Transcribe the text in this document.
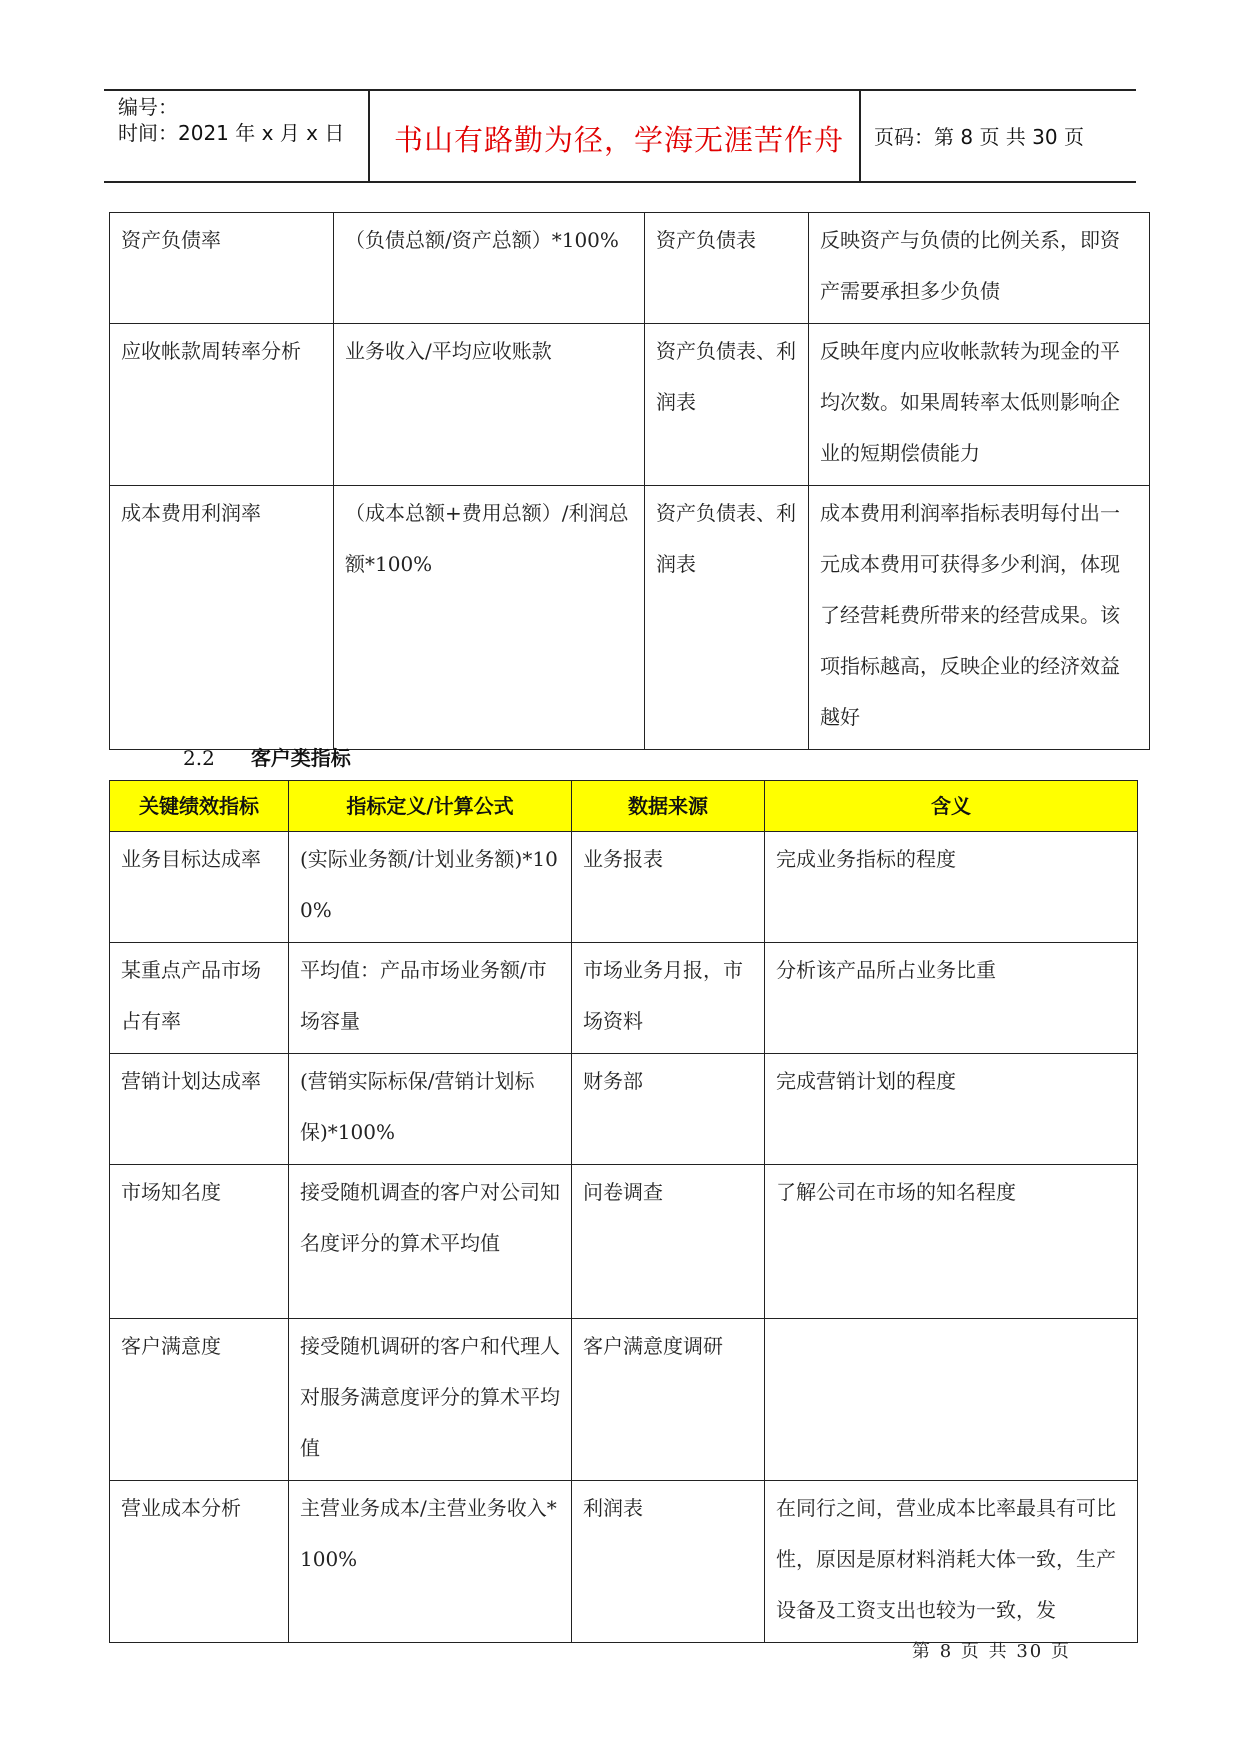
编号：
时间：2021 年 x 月 x 日 书山有路勤为径，学海无涯苦作舟 页码：第 8 页 共 30 页
资产负债率	（负债总额/资产总额）*100%	资产负债表	反映资产与负债的比例关系，即资产需要承担多少负债

应收帐款周转率分析	业务收入/平均应收账款	资产负债表、利润表	反映年度内应收帐款转为现金的平均次数。如果周转率太低则影响企业的短期偿债能力

成本费用利润率	（成本总额+费用总额）/利润总额*100%	资产负债表、利润表	成本费用利润率指标表明每付出一元成本费用可获得多少利润，体现了经营耗费所带来的经营成果。该项指标越高，反映企业的经济效益越好
2.2 客户类指标
关键绩效指标	指标定义/计算公式	数据来源	含义

业务目标达成率	(实际业务额/计划业务额)*100%	业务报表	完成业务指标的程度

某重点产品市场占有率	平均值：产品市场业务额/市场容量	市场业务月报，市场资料	分析该产品所占业务比重

营销计划达成率	(营销实际标保/营销计划标保)*100%	财务部	完成营销计划的程度

市场知名度	接受随机调查的客户对公司知名度评分的算术平均值	问卷调查	了解公司在市场的知名程度

客户满意度	接受随机调研的客户和代理人对服务满意度评分的算术平均值	客户满意度调研	

营业成本分析	主营业务成本/主营业务收入*100%	利润表	在同行之间，营业成本比率最具有可比性，原因是原材料消耗大体一致，生产设备及工资支出也较为一致，发
第 8 页 共 30 页
